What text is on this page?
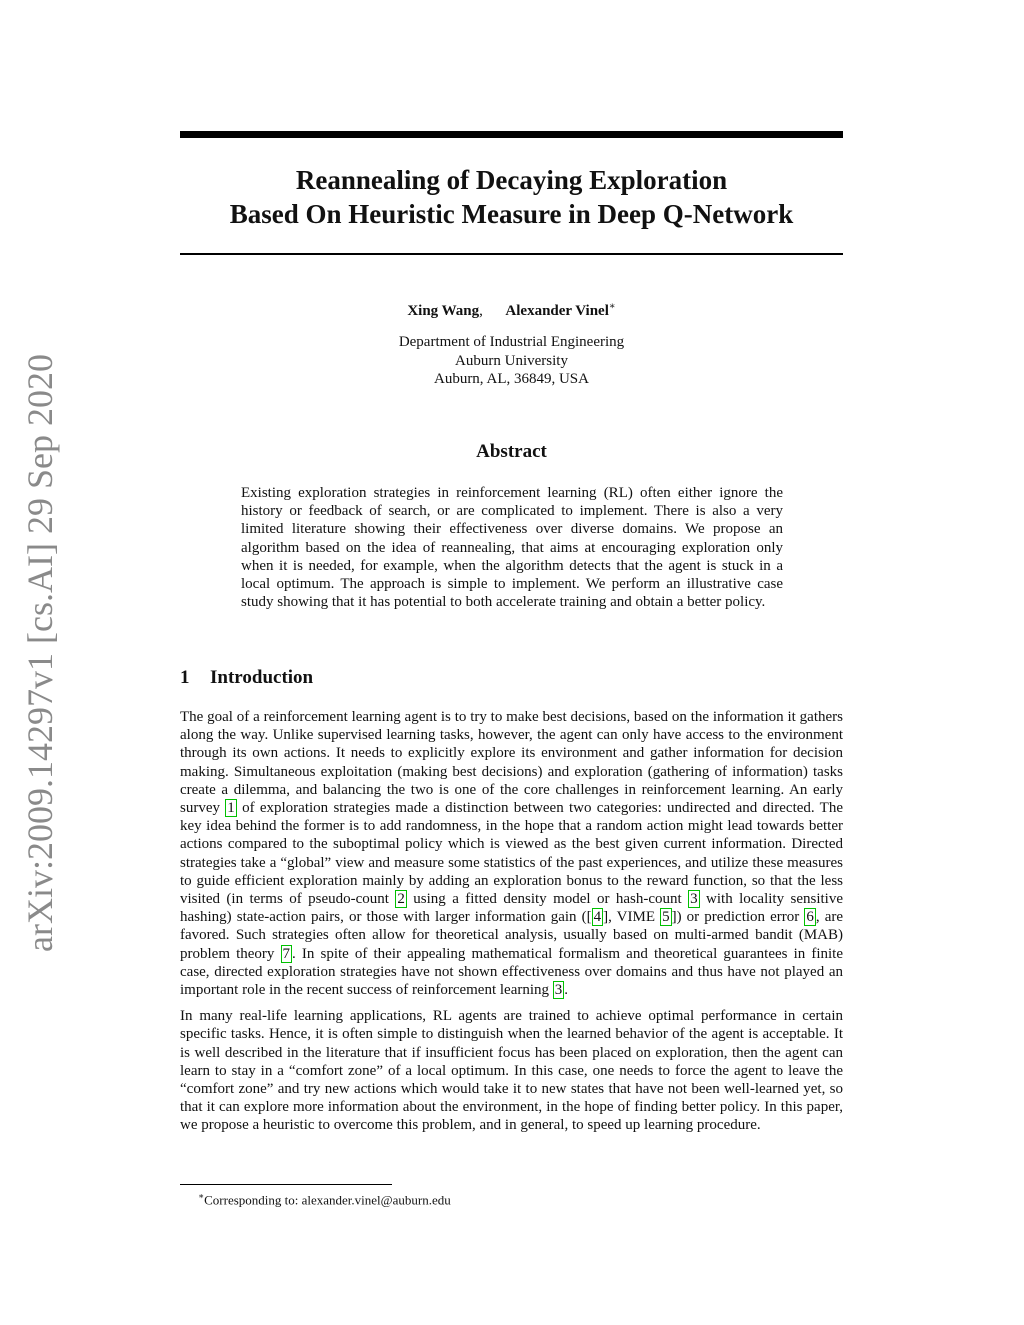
arXiv:2009.14297v1 [cs.AI] 29 Sep 2020
Reannealing of Decaying Exploration
Based On Heuristic Measure in Deep Q-Network
Xing Wang, Alexander Vinel∗
Department of Industrial Engineering
Auburn University
Auburn, AL, 36849, USA
Abstract
Existing exploration strategies in reinforcement learning (RL) often either ignore the history or feedback of search, or are complicated to implement. There is also a very limited literature showing their effectiveness over diverse domains. We propose an algorithm based on the idea of reannealing, that aims at encouraging exploration only when it is needed, for example, when the algorithm detects that the agent is stuck in a local optimum. The approach is simple to implement. We perform an illustrative case study showing that it has potential to both accelerate training and obtain a better policy.
1 Introduction

The goal of a reinforcement learning agent is to try to make best decisions, based on the information it gathers along the way. Unlike supervised learning tasks, however, the agent can only have access to the environment through its own actions. It needs to explicitly explore its environment and gather information for decision making. Simultaneous exploitation (making best decisions) and exploration (gathering of information) tasks create a dilemma, and balancing the two is one of the core challenges in reinforcement learning. An early survey 1 of exploration strategies made a distinction between two categories: undirected and directed. The key idea behind the former is to add randomness, in the hope that a random action might lead towards better actions compared to the suboptimal policy which is viewed as the best given current information. Directed strategies take a “global” view and measure some statistics of the past experiences, and utilize these measures to guide efficient exploration mainly by adding an exploration bonus to the reward function, so that the less visited (in terms of pseudo-count 2 using a fitted density model or hash-count 3 with locality sensitive hashing) state-action pairs, or those with larger information gain ([ 4 ], VIME 5 ]) or prediction error 6 , are favored. Such strategies often allow for theoretical analysis, usually based on multi-armed bandit (MAB) problem theory 7 . In spite of their appealing mathematical formalism and theoretical guarantees in finite case, directed exploration strategies have not shown effectiveness over domains and thus have not played an important role in the recent success of reinforcement learning 3 .

In many real-life learning applications, RL agents are trained to achieve optimal performance in certain specific tasks. Hence, it is often simple to distinguish when the learned behavior of the agent is acceptable. It is well described in the literature that if insufficient focus has been placed on exploration, then the agent can learn to stay in a “comfort zone” of a local optimum. In this case, one needs to force the agent to leave the “comfort zone” and try new actions which would take it to new states that have not been well-learned yet, so that it can explore more information about the environment, in the hope of finding better policy. In this paper, we propose a heuristic to overcome this problem, and in general, to speed up learning procedure.

∗Corresponding to: alexander.vinel@auburn.edu
